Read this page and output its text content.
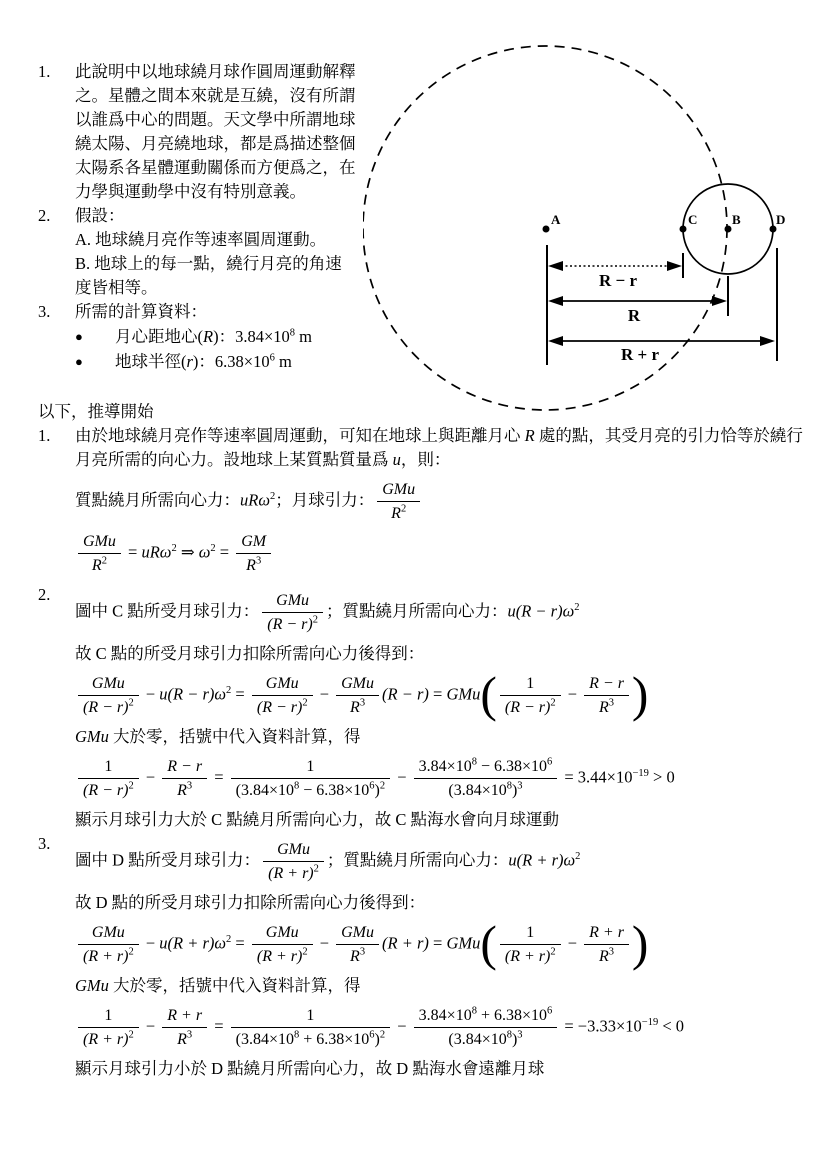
A	C	B	D
R − r
R
R + r
1.	此說明中以地球繞月球作圓周運動解釋之。星體之間本來就是互繞，沒有所謂以誰爲中心的問題。天文學中所謂地球繞太陽、月亮繞地球，都是爲描述整個太陽系各星體運動關係而方便爲之，在力學與運動學中沒有特別意義。
2.	假設：
A. 地球繞月亮作等速率圓周運動。
B. 地球上的每一點，繞行月亮的角速度皆相等。
3.	所需的計算資料：
●	月心距地心(R)：$3.84\times 10^8$ m
●	地球半徑(r)：$6.38\times 10^6$ m
以下，推導開始
1.	由於地球繞月亮作等速率圓周運動，可知在地球上與距離月心 R 處的點，其受月亮的引力恰等於繞行月亮所需的向心力。設地球上某質點質量爲 u，則：
質點繞月所需向心力：uRω$^2$；月球引力： $\frac{\text{GMu}}{R^2}$
$\frac{\text{GMu}}{R^2} = uR\omega^2$ ⇒ $\omega^2 = \frac{GM}{R^3}$
2.
圖中 C 點所受月球引力： $\frac{\text{GMu}}{(R - r)^2}$ ；質點繞月所需向心力：$u(R - r)\omega^2$
故 C 點的所受月球引力扣除所需向心力後得到：
$\frac{\text{GMu}}{(R - r)^2} - u(R - r)\omega^2 = \frac{\text{GMu}}{(R - r)^2} - \frac{\text{GMu}}{R^3} (R - r)$ = GMu ( $\frac{1}{(R - r)^2} - \frac{R - r}{R^3}$ )
GMu 大於零，括號中代入資料計算，得
$\frac{1}{(R - r)^2} - \frac{R - r}{R^3} = \frac{1}{(3.84\times 10^8 - 6.38\times 10^6)^2} - \frac{3.84\times 10^8 - 6.38\times 10^6}{(3.84\times 10^8)^3} = 3.44\times 10^{-19} > 0$
顯示月球引力大於 C 點繞月所需向心力，故 C 點海水會向月球運動
3.
圖中 D 點所受月球引力： $\frac{\text{GMu}}{(R + r)^2}$ ；質點繞月所需向心力：$u(R + r)\omega^2$
故 D 點的所受月球引力扣除所需向心力後得到：
$\frac{\text{GMu}}{(R + r)^2} - u(R + r)\omega^2 = \frac{\text{GMu}}{(R + r)^2} - \frac{\text{GMu}}{R^3} (R + r)$ = GMu ( $\frac{1}{(R + r)^2} - \frac{R + r}{R^3}$ )
GMu 大於零，括號中代入資料計算，得
$\frac{1}{(R + r)^2} - \frac{R + r}{R^3} = \frac{1}{(3.84\times 10^8 + 6.38\times 10^6)^2} - \frac{3.84\times 10^8 + 6.38\times 10^6}{(3.84\times 10^8)^3} = -3.33\times 10^{-19} < 0$
顯示月球引力小於 D 點繞月所需向心力，故 D 點海水會遠離月球
